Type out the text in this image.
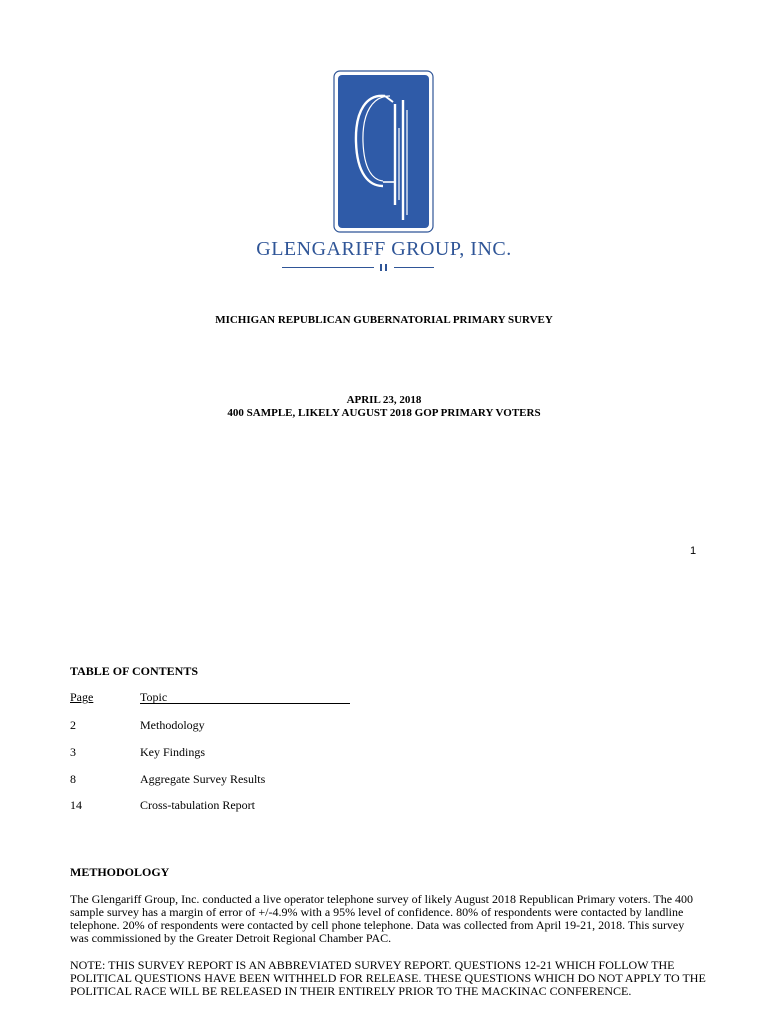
GLENGARIFF GROUP, INC.
MICHIGAN REPUBLICAN GUBERNATORIAL PRIMARY SURVEY
APRIL 23, 2018
400 SAMPLE, LIKELY AUGUST 2018 GOP PRIMARY VOTERS
1
TABLE OF CONTENTS
Page	Topic
2	Methodology
3	Key Findings
8	Aggregate Survey Results
14	Cross-tabulation Report
METHODOLOGY
The Glengariff Group, Inc. conducted a live operator telephone survey of likely August 2018 Republican Primary voters. The 400
sample survey has a margin of error of +/-4.9% with a 95% level of confidence. 80% of respondents were contacted by landline
telephone. 20% of respondents were contacted by cell phone telephone. Data was collected from April 19-21, 2018. This survey
was commissioned by the Greater Detroit Regional Chamber PAC.
NOTE: THIS SURVEY REPORT IS AN ABBREVIATED SURVEY REPORT. QUESTIONS 12-21 WHICH FOLLOW THE
POLITICAL QUESTIONS HAVE BEEN WITHHELD FOR RELEASE. THESE QUESTIONS WHICH DO NOT APPLY TO THE
POLITICAL RACE WILL BE RELEASED IN THEIR ENTIRELY PRIOR TO THE MACKINAC CONFERENCE.
